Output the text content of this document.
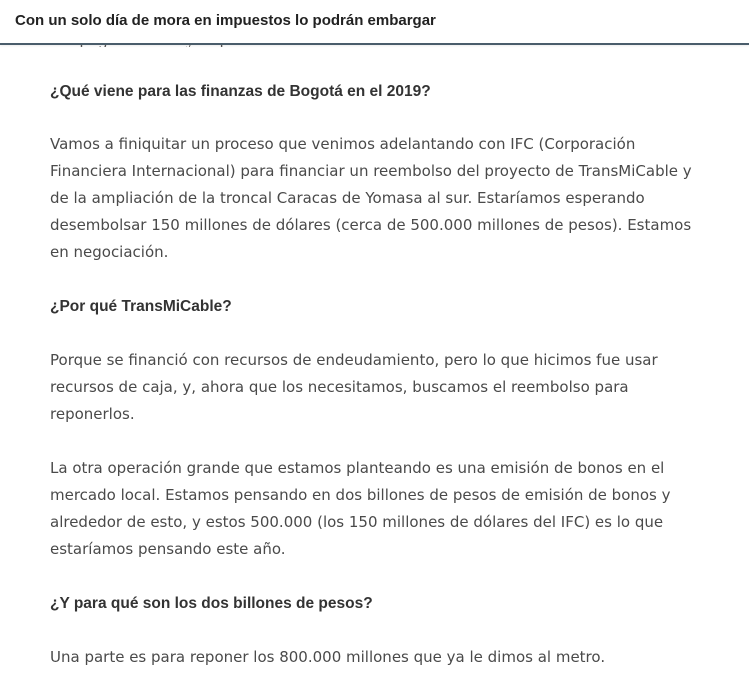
Con un solo día de mora en impuestos lo podrán embargar
¿Qué viene para las finanzas de Bogotá en el 2019?
Vamos a finiquitar un proceso que venimos adelantando con IFC (Corporación Financiera Internacional) para financiar un reembolso del proyecto de TransMiCable y de la ampliación de la troncal Caracas de Yomasa al sur. Estaríamos esperando desembolsar 150 millones de dólares (cerca de 500.000 millones de pesos). Estamos en negociación.
¿Por qué TransMiCable?
Porque se financió con recursos de endeudamiento, pero lo que hicimos fue usar recursos de caja, y, ahora que los necesitamos, buscamos el reembolso para reponerlos.
La otra operación grande que estamos planteando es una emisión de bonos en el mercado local. Estamos pensando en dos billones de pesos de emisión de bonos y alrededor de esto, y estos 500.000 (los 150 millones de dólares del IFC) es lo que estaríamos pensando este año.
¿Y para qué son los dos billones de pesos?
Una parte es para reponer los 800.000 millones que ya le dimos al metro.
